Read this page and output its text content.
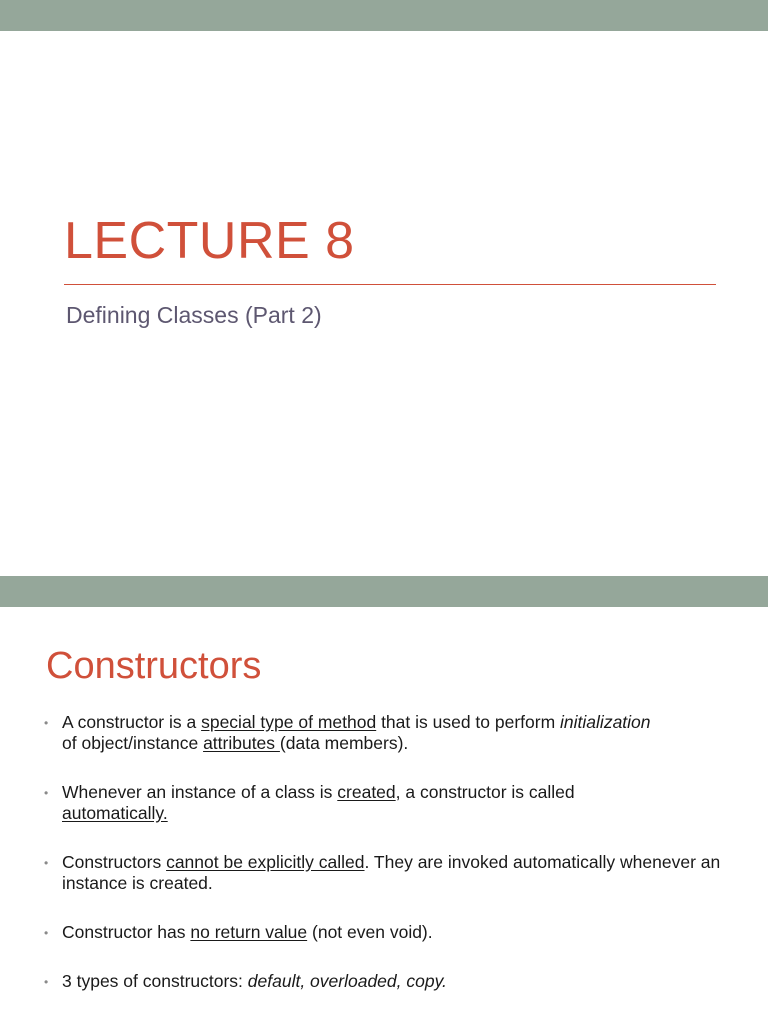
LECTURE 8

Defining Classes (Part 2)

Constructors
• A constructor is a special type of method that is used to perform initialization
of object/instance attributes (data members).
• Whenever an instance of a class is created, a constructor is called
automatically.
• Constructors cannot be explicitly called. They are invoked automatically whenever an instance is created.
• Constructor has no return value (not even void).
• 3 types of constructors: default, overloaded, copy.
